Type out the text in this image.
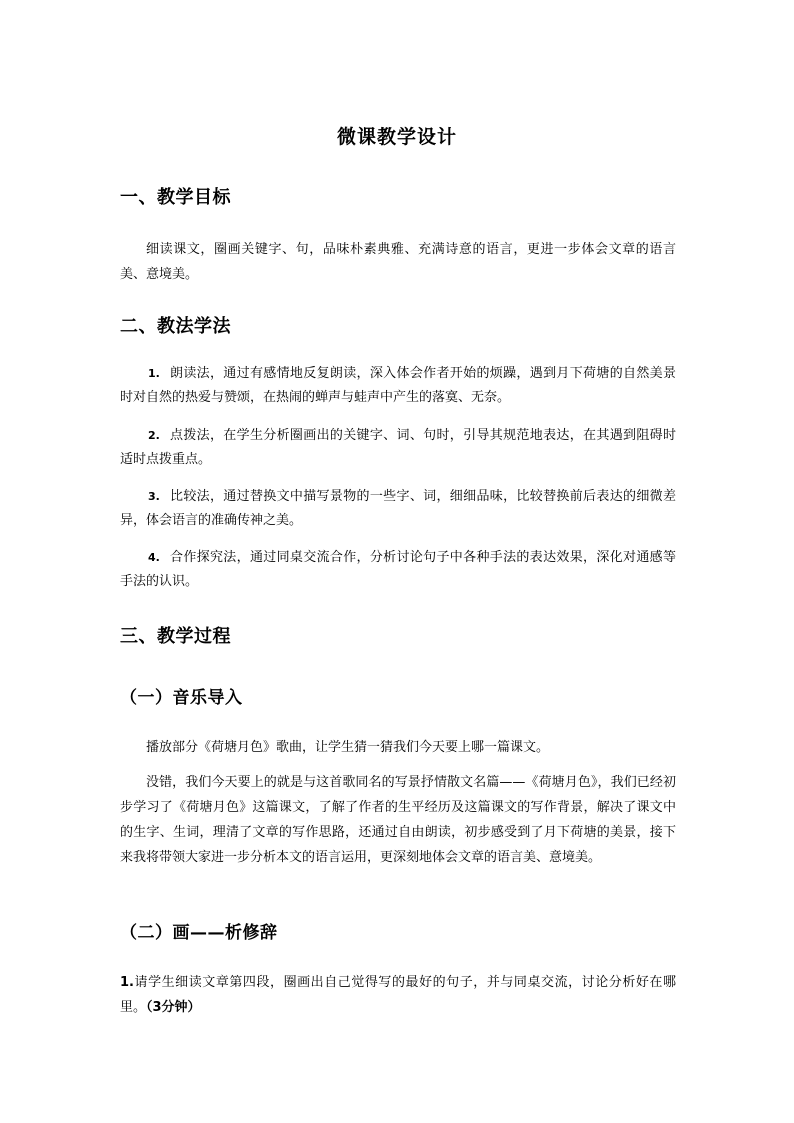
微课教学设计
一、教学目标
细读课文，圈画关键字、句，品味朴素典雅、充满诗意的语言，更进一步体会文章的语言美、意境美。
二、教法学法
1. 朗读法，通过有感情地反复朗读，深入体会作者开始的烦躁，遇到月下荷塘的自然美景时对自然的热爱与赞颂，在热闹的蝉声与蛙声中产生的落寞、无奈。
2. 点拨法，在学生分析圈画出的关键字、词、句时，引导其规范地表达，在其遇到阻碍时适时点拨重点。
3. 比较法，通过替换文中描写景物的一些字、词，细细品味，比较替换前后表达的细微差异，体会语言的准确传神之美。
4. 合作探究法，通过同桌交流合作，分析讨论句子中各种手法的表达效果，深化对通感等手法的认识。
三、教学过程
（一）音乐导入
播放部分《荷塘月色》歌曲，让学生猜一猜我们今天要上哪一篇课文。
没错，我们今天要上的就是与这首歌同名的写景抒情散文名篇——《荷塘月色》，我们已经初步学习了《荷塘月色》这篇课文，了解了作者的生平经历及这篇课文的写作背景，解决了课文中的生字、生词，理清了文章的写作思路，还通过自由朗读，初步感受到了月下荷塘的美景，接下来我将带领大家进一步分析本文的语言运用，更深刻地体会文章的语言美、意境美。
（二）画——析修辞
1.请学生细读文章第四段，圈画出自己觉得写的最好的句子，并与同桌交流，讨论分析好在哪里。（3分钟）
